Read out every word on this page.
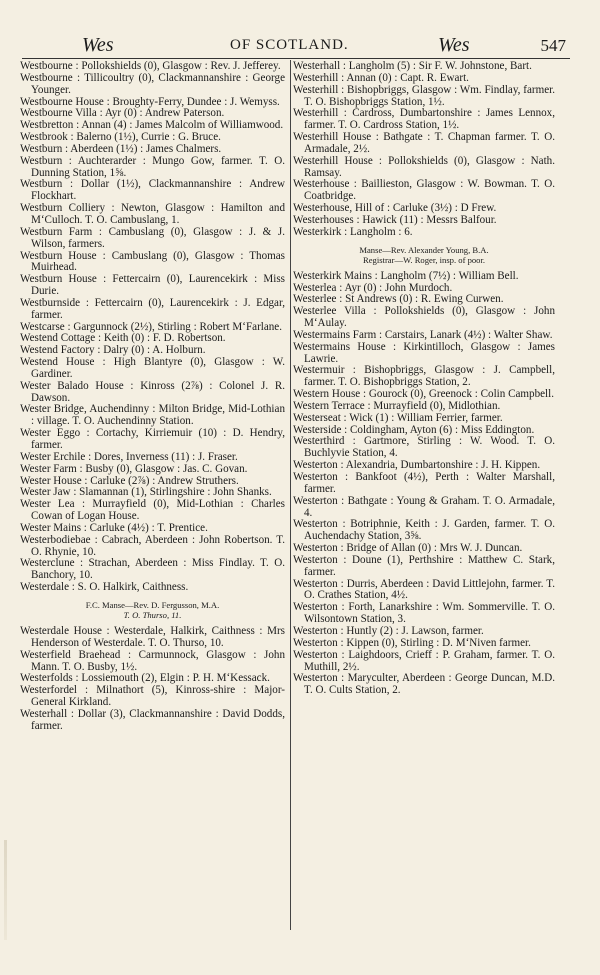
Wes	OF SCOTLAND.	Wes	547
Westbourne : Pollokshields (0), Glasgow : Rev. J. Jefferey.
Westbourne : Tillicoultry (0), Clackmannanshire : George Younger.
Westbourne House : Broughty-Ferry, Dundee : J. Wemyss.
Westbourne Villa : Ayr (0) : Andrew Paterson.
Westbretton : Annan (4) : James Malcolm of Williamwood.
Westbrook : Balerno (1½), Currie : G. Bruce.
Westburn : Aberdeen (1½) : James Chalmers.
Westburn : Auchterarder : Mungo Gow, farmer. T. O. Dunning Station, 1⅝.
Westburn : Dollar (1½), Clackmannanshire : Andrew Flockhart.
Westburn Colliery : Newton, Glasgow : Hamilton and M‘Culloch. T. O. Cambuslang, 1.
Westburn Farm : Cambuslang (0), Glasgow : J. & J. Wilson, farmers.
Westburn House : Cambuslang (0), Glasgow : Thomas Muirhead.
Westburn House : Fettercairn (0), Laurencekirk : Miss Durie.
Westburnside : Fettercairn (0), Laurencekirk : J. Edgar, farmer.
Westcarse : Gargunnock (2½), Stirling : Robert M‘Farlane.
Westend Cottage : Keith (0) : F. D. Robertson.
Westend Factory : Dalry (0) : A. Holburn.
Westend House : High Blantyre (0), Glasgow : W. Gardiner.
Wester Balado House : Kinross (2⅞) : Colonel J. R. Dawson.
Wester Bridge, Auchendinny : Milton Bridge, Mid-Lothian : village. T. O. Auchendinny Station.
Wester Eggo : Cortachy, Kirriemuir (10) : D. Hendry, farmer.
Wester Erchile : Dores, Inverness (11) : J. Fraser.
Wester Farm : Busby (0), Glasgow : Jas. C. Govan.
Wester House : Carluke (2⅞) : Andrew Struthers.
Wester Jaw : Slamannan (1), Stirlingshire : John Shanks.
Wester Lea : Murrayfield (0), Mid-Lothian : Charles Cowan of Logan House.
Wester Mains : Carluke (4½) : T. Prentice.
Westerbodiebae : Cabrach, Aberdeen : John Robertson. T. O. Rhynie, 10.
Westerclune : Strachan, Aberdeen : Miss Findlay. T. O. Banchory, 10.
Westerdale : S. O. Halkirk, Caithness.
F.C. Manse—Rev. D. Fergusson, M.A.
T. O. Thurso, 11.
Westerdale House : Westerdale, Halkirk, Caithness : Mrs Henderson of Westerdale. T. O. Thurso, 10.
Westerfield Braehead : Carmunnock, Glasgow : John Mann. T. O. Busby, 1½.
Westerfolds : Lossiemouth (2), Elgin : P. H. M‘Kessack.
Westerfordel : Milnathort (5), Kinross-shire : Major-General Kirkland.
Westerhall : Dollar (3), Clackmannanshire : David Dodds, farmer.
Westerhall : Langholm (5) : Sir F. W. Johnstone, Bart.
Westerhill : Annan (0) : Capt. R. Ewart.
Westerhill : Bishopbriggs, Glasgow : Wm. Findlay, farmer. T. O. Bishopbriggs Station, 1½.
Westerhill : Cardross, Dumbartonshire : James Lennox, farmer. T. O. Cardross Station, 1½.
Westerhill House : Bathgate : T. Chapman farmer. T. O. Armadale, 2½.
Westerhill House : Pollokshields (0), Glasgow : Nath. Ramsay.
Westerhouse : Baillieston, Glasgow : W. Bowman. T. O. Coatbridge.
Westerhouse, Hill of : Carluke (3½) : D Frew.
Westerhouses : Hawick (11) : Messrs Balfour.
Westerkirk : Langholm : 6.
Manse—Rev. Alexander Young, B.A.
Registrar—W. Roger, insp. of poor.
Westerkirk Mains : Langholm (7½) : William Bell.
Westerlea : Ayr (0) : John Murdoch.
Westerlee : St Andrews (0) : R. Ewing Curwen.
Westerlee Villa : Pollokshields (0), Glasgow : John M‘Aulay.
Westermains Farm : Carstairs, Lanark (4½) : Walter Shaw.
Westermains House : Kirkintilloch, Glasgow : James Lawrie.
Westermuir : Bishopbriggs, Glasgow : J. Campbell, farmer. T. O. Bishopbriggs Station, 2.
Western House : Gourock (0), Greenock : Colin Campbell.
Western Terrace : Murrayfield (0), Midlothian.
Westerseat : Wick (1) : William Ferrier, farmer.
Westerside : Coldingham, Ayton (6) : Miss Eddington.
Westerthird : Gartmore, Stirling : W. Wood. T. O. Buchlyvie Station, 4.
Westerton : Alexandria, Dumbartonshire : J. H. Kippen.
Westerton : Bankfoot (4½), Perth : Walter Marshall, farmer.
Westerton : Bathgate : Young & Graham. T. O. Armadale, 4.
Westerton : Botriphnie, Keith : J. Garden, farmer. T. O. Auchendachy Station, 3⅝.
Westerton : Bridge of Allan (0) : Mrs W. J. Duncan.
Westerton : Doune (1), Perthshire : Matthew C. Stark, farmer.
Westerton : Durris, Aberdeen : David Littlejohn, farmer. T. O. Crathes Station, 4½.
Westerton : Forth, Lanarkshire : Wm. Sommerville. T. O. Wilsontown Station, 3.
Westerton : Huntly (2) : J. Lawson, farmer.
Westerton : Kippen (0), Stirling : D. M‘Niven farmer.
Westerton : Laighdoors, Crieff : P. Graham, farmer. T. O. Muthill, 2½.
Westerton : Maryculter, Aberdeen : George Duncan, M.D. T. O. Cults Station, 2.
